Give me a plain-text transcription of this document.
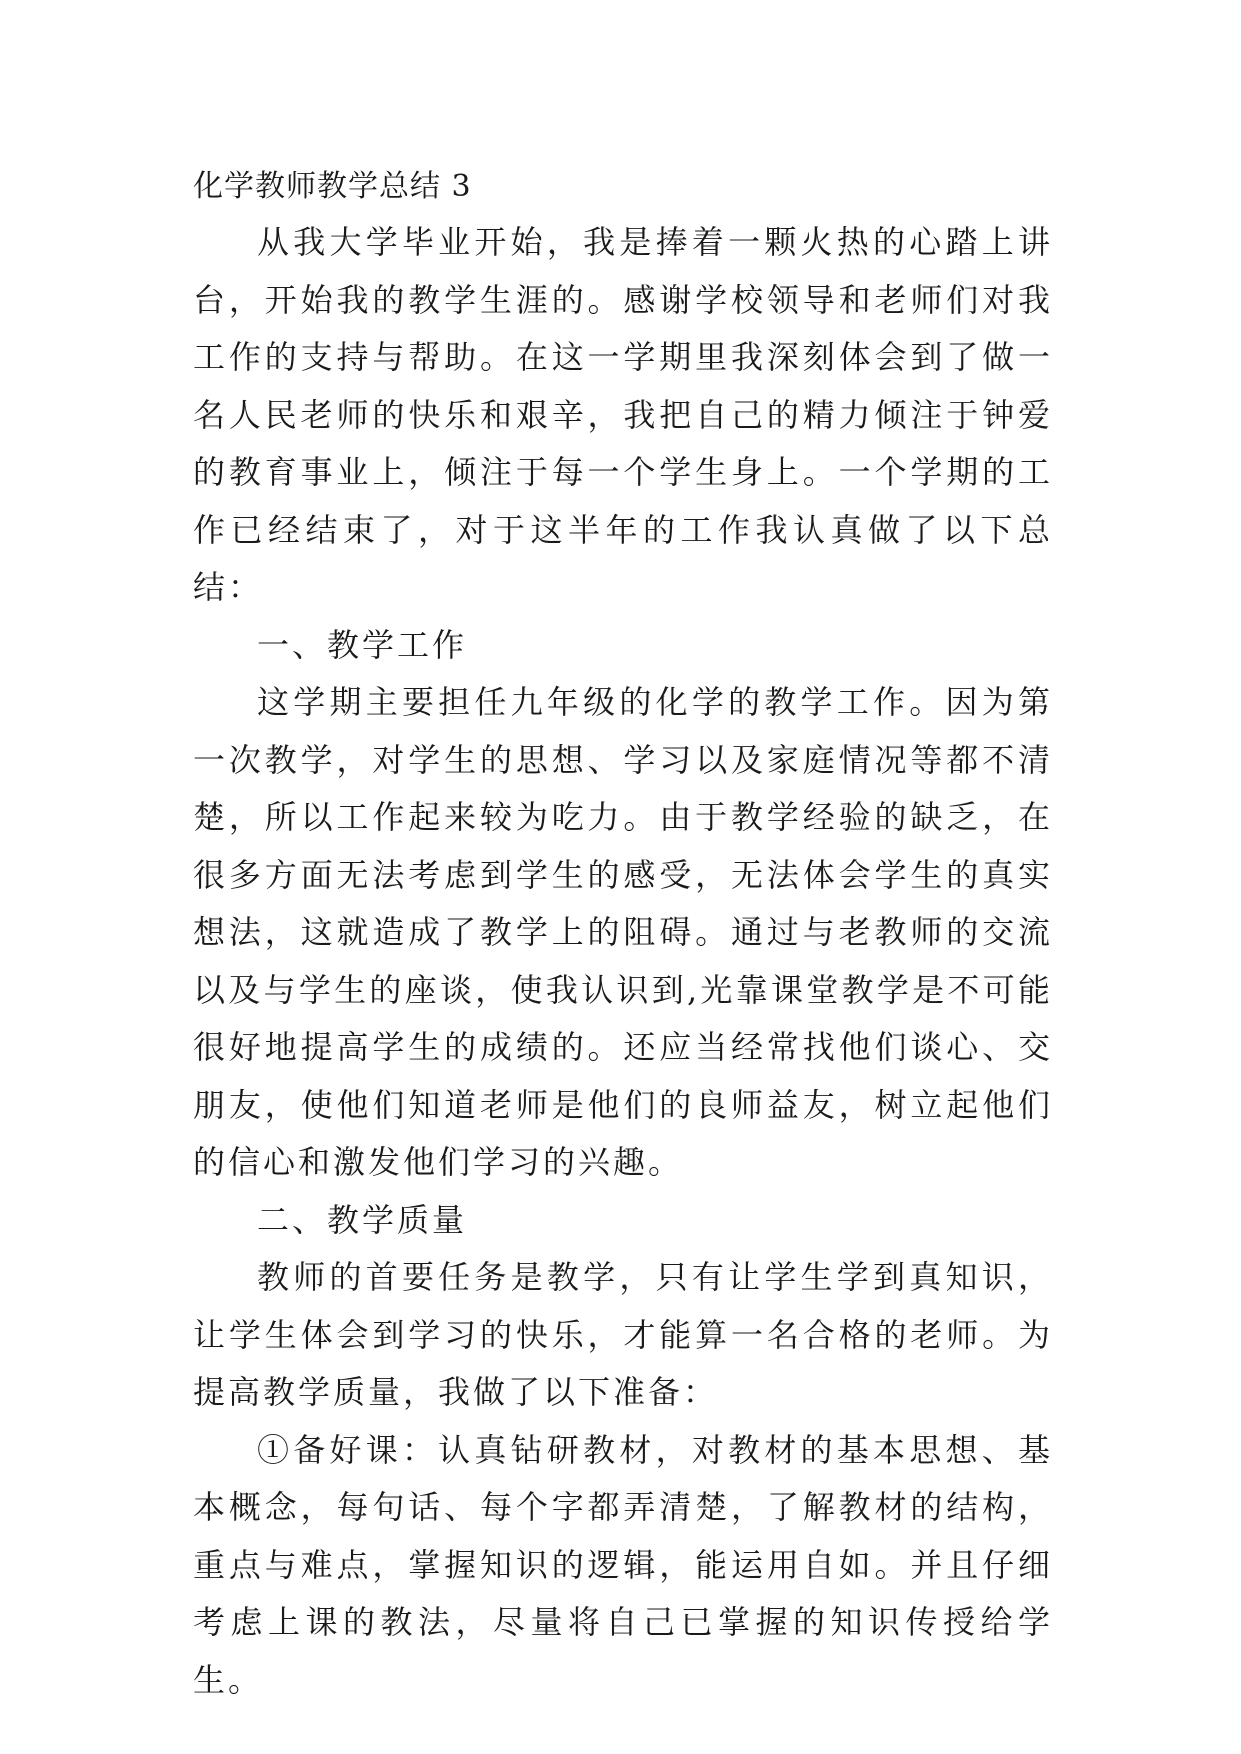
化学教师教学总结 3

从我大学毕业开始，我是捧着一颗火热的心踏上讲台，开始我的教学生涯的。感谢学校领导和老师们对我工作的支持与帮助。在这一学期里我深刻体会到了做一名人民老师的快乐和艰辛，我把自己的精力倾注于钟爱的教育事业上，倾注于每一个学生身上。一个学期的工作已经结束了，对于这半年的工作我认真做了以下总结：

一、教学工作

这学期主要担任九年级的化学的教学工作。因为第一次教学，对学生的思想、学习以及家庭情况等都不清楚，所以工作起来较为吃力。由于教学经验的缺乏，在很多方面无法考虑到学生的感受，无法体会学生的真实想法，这就造成了教学上的阻碍。通过与老教师的交流以及与学生的座谈，使我认识到,光靠课堂教学是不可能很好地提高学生的成绩的。还应当经常找他们谈心、交朋友，使他们知道老师是他们的良师益友，树立起他们的信心和激发他们学习的兴趣。

二、教学质量

教师的首要任务是教学，只有让学生学到真知识，让学生体会到学习的快乐，才能算一名合格的老师。为提高教学质量，我做了以下准备：

①备好课：认真钻研教材，对教材的基本思想、基本概念，每句话、每个字都弄清楚，了解教材的结构，重点与难点，掌握知识的逻辑，能运用自如。并且仔细考虑上课的教法，尽量将自己已掌握的知识传授给学生。
